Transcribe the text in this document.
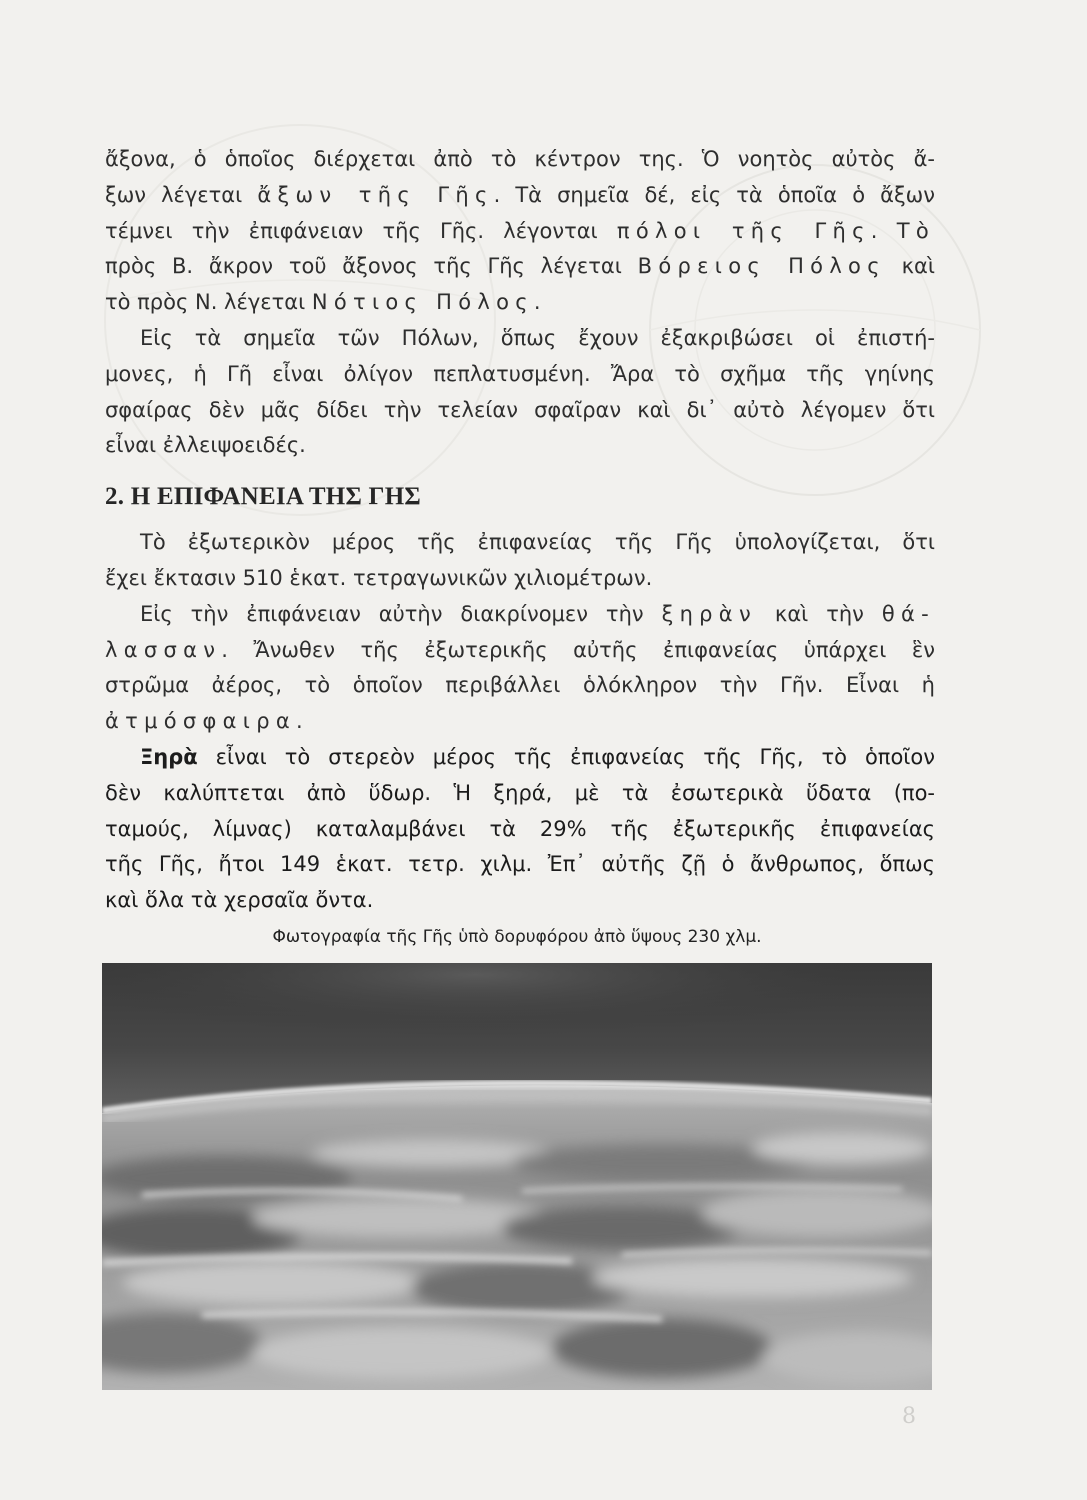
ἄξονα, ὁ ὁποῖος διέρχεται ἀπὸ τὸ κέντρον της. Ὁ νοητὸς αὐτὸς ἄ-
ξων λέγεται ἄξων τῆς Γῆς. Τὰ σημεῖα δέ, εἰς τὰ ὁποῖα ὁ ἄξων
τέμνει τὴν ἐπιφάνειαν τῆς Γῆς. λέγονται πόλοι τῆς Γῆς. Τὸ
πρὸς Β. ἄκρον τοῦ ἄξονος τῆς Γῆς λέγεται Βόρειος Πόλος καὶ
τὸ πρὸς Ν. λέγεται Νότιος Πόλος.
Εἰς τὰ σημεῖα τῶν Πόλων, ὅπως ἔχουν ἐξακριβώσει οἱ ἐπιστή-
μονες, ἡ Γῆ εἶναι ὀλίγον πεπλατυσμένη. Ἄρα τὸ σχῆμα τῆς γηίνης
σφαίρας δὲν μᾶς δίδει τὴν τελείαν σφαῖραν καὶ δι᾽ αὐτὸ λέγομεν ὅτι
εἶναι ἐλλειψοειδές.
2. Η ΕΠΙΦΑΝΕΙΑ ΤΗΣ ΓΗΣ
Τὸ ἐξωτερικὸν μέρος τῆς ἐπιφανείας τῆς Γῆς ὑπολογίζεται, ὅτι
ἔχει ἔκτασιν 510 ἑκατ. τετραγωνικῶν χιλιομέτρων.
Εἰς τὴν ἐπιφάνειαν αὐτὴν διακρίνομεν τὴν ξηρὰν καὶ τὴν θά-
λασσαν. Ἄνωθεν τῆς ἐξωτερικῆς αὐτῆς ἐπιφανείας ὑπάρχει ἓν
στρῶμα ἀέρος, τὸ ὁποῖον περιβάλλει ὁλόκληρον τὴν Γῆν. Εἶναι ἡ
ἀτμόσφαιρα.
Ξηρὰ εἶναι τὸ στερεὸν μέρος τῆς ἐπιφανείας τῆς Γῆς, τὸ ὁποῖον
δὲν καλύπτεται ἀπὸ ὕδωρ. Ἡ ξηρά, μὲ τὰ ἐσωτερικὰ ὕδατα (πο-
ταμούς, λίμνας) καταλαμβάνει τὰ 29% τῆς ἐξωτερικῆς ἐπιφανείας
τῆς Γῆς, ἤτοι 149 ἑκατ. τετρ. χιλμ. Ἐπ᾽ αὐτῆς ζῇ ὁ ἄνθρωπος, ὅπως
καὶ ὅλα τὰ χερσαῖα ὄντα.
Φωτογραφία τῆς Γῆς ὑπὸ δορυφόρου ἀπὸ ὕψους 230 χλμ.
8
